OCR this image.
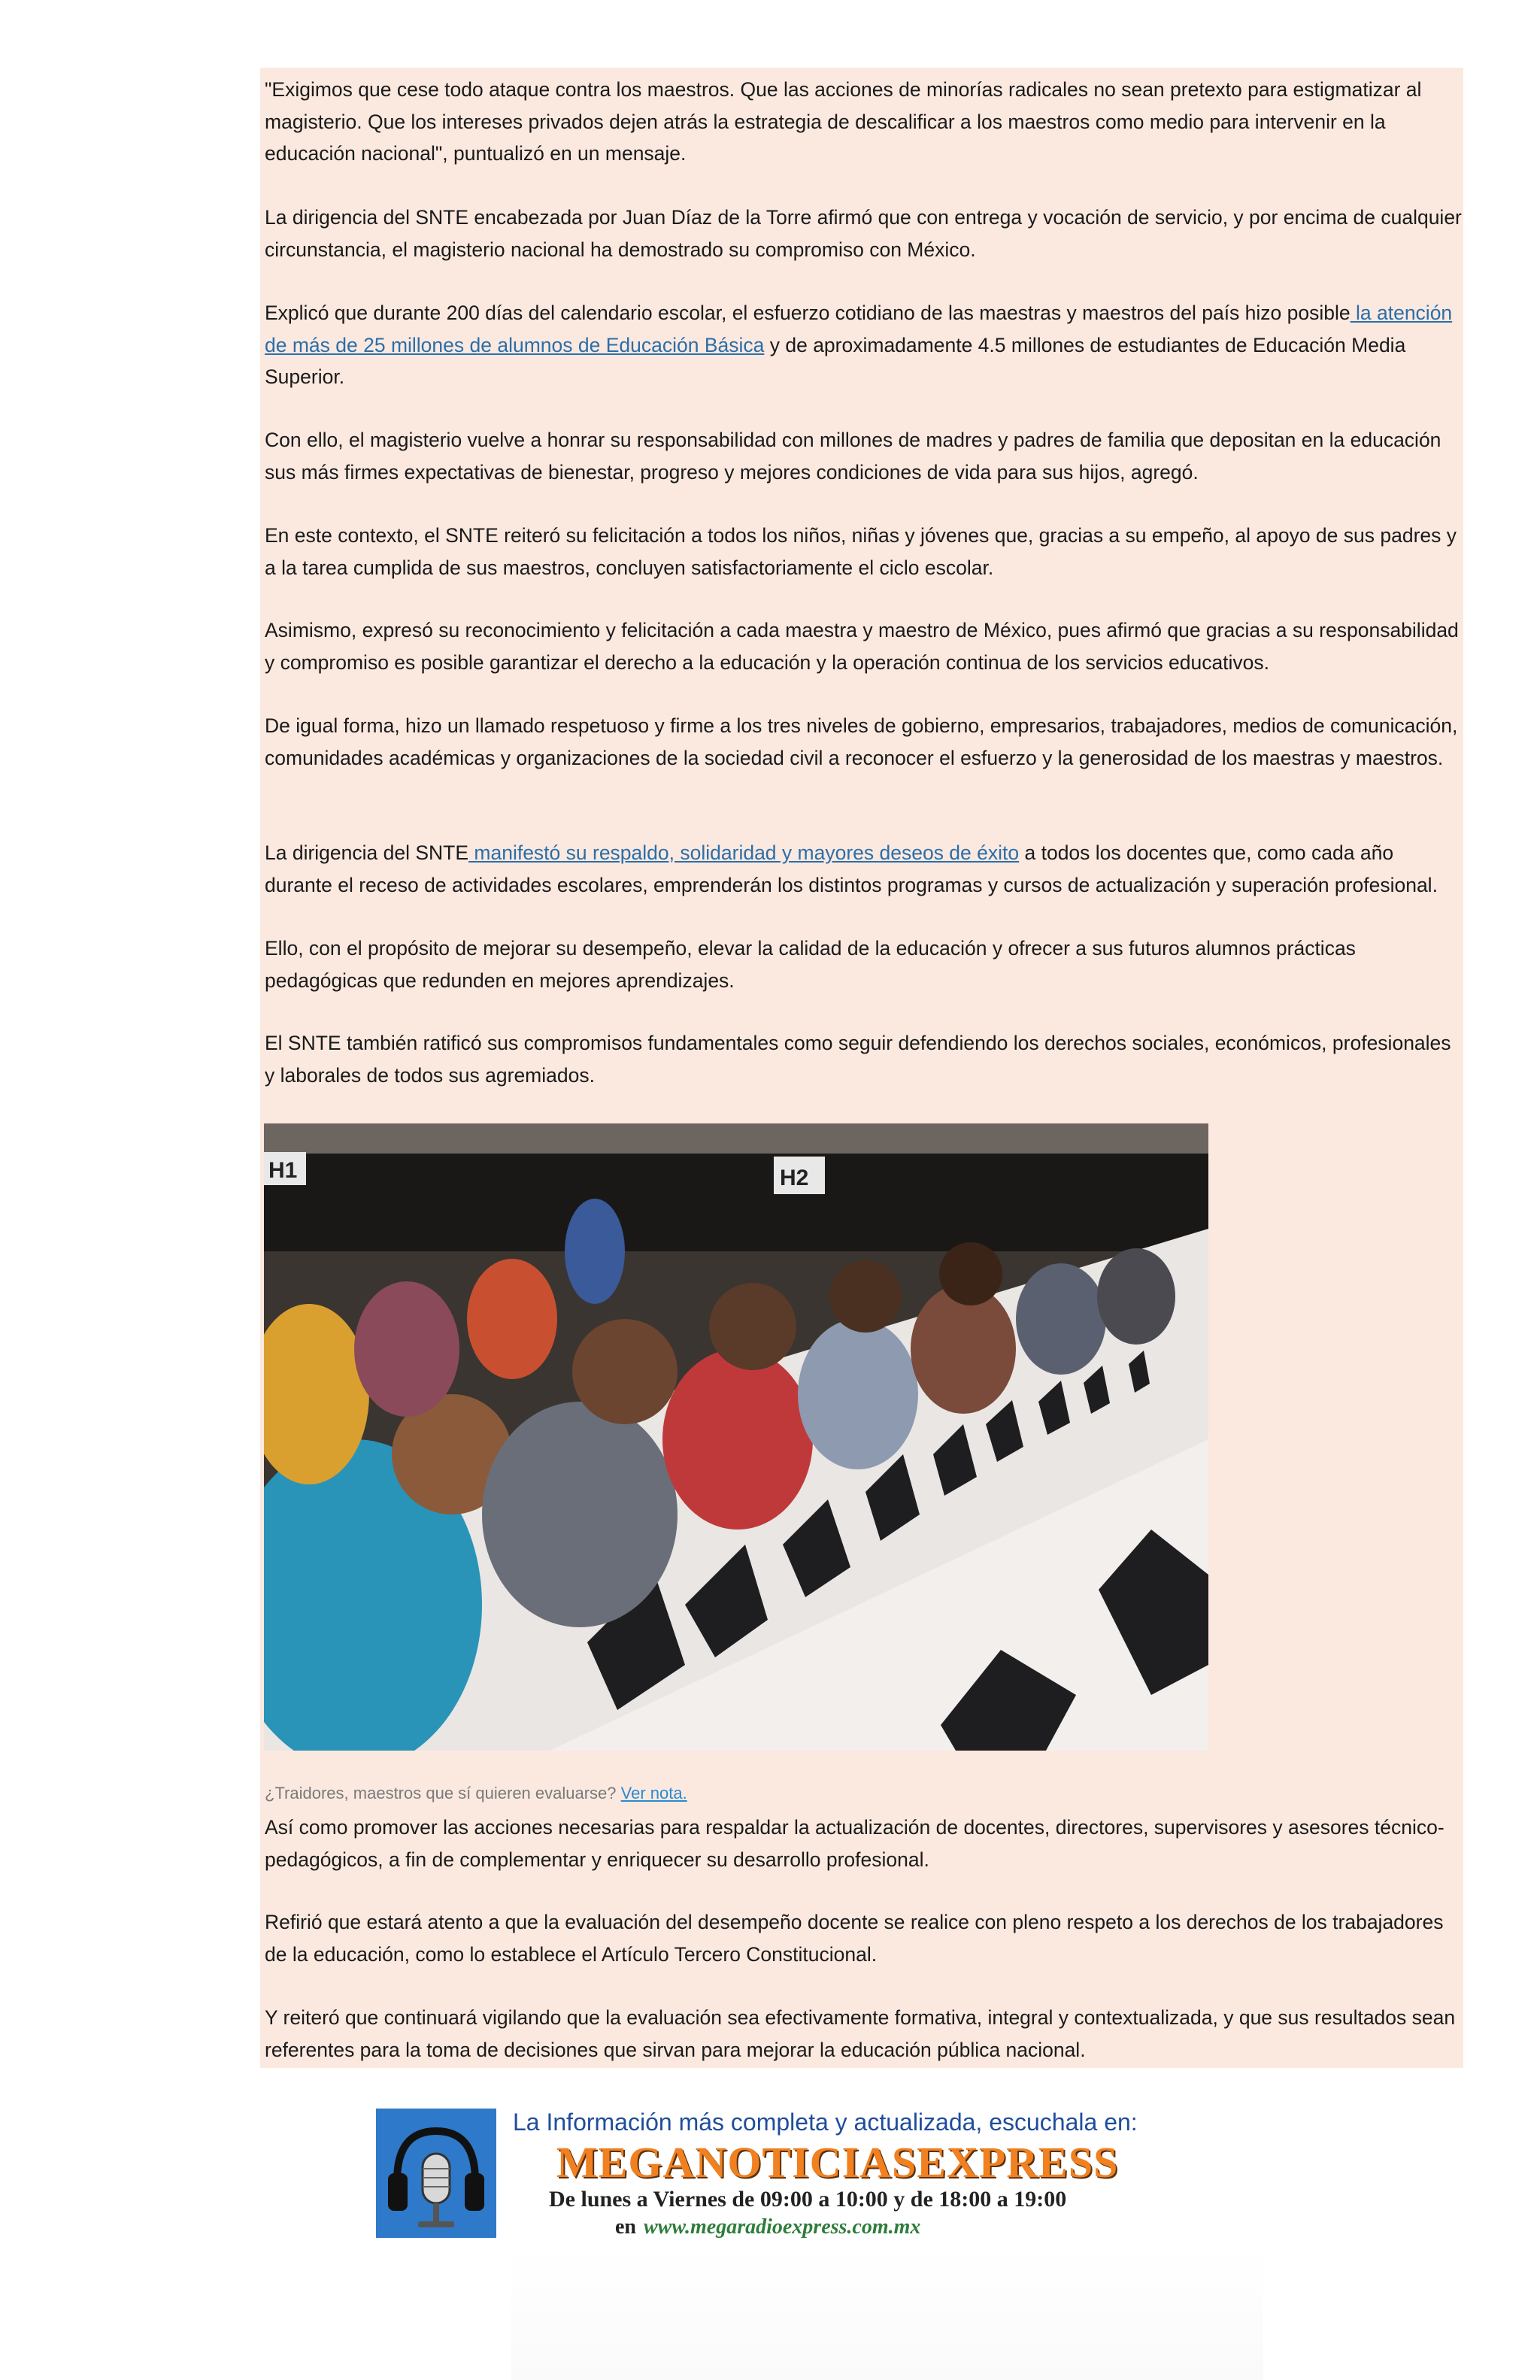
"Exigimos que cese todo ataque contra los maestros. Que las acciones de minorías radicales no sean pretexto para estigmatizar al magisterio. Que los intereses privados dejen atrás la estrategia de descalificar a los maestros como medio para intervenir en la educación nacional", puntualizó en un mensaje.

La dirigencia del SNTE encabezada por Juan Díaz de la Torre afirmó que con entrega y vocación de servicio, y por encima de cualquier circunstancia, el magisterio nacional ha demostrado su compromiso con México.

Explicó que durante 200 días del calendario escolar, el esfuerzo cotidiano de las maestras y maestros del país hizo posible la atención de más de 25 millones de alumnos de Educación Básica y de aproximadamente 4.5 millones de estudiantes de Educación Media Superior.

Con ello, el magisterio vuelve a honrar su responsabilidad con millones de madres y padres de familia que depositan en la educación sus más firmes expectativas de bienestar, progreso y mejores condiciones de vida para sus hijos, agregó.

En este contexto, el SNTE reiteró su felicitación a todos los niños, niñas y jóvenes que, gracias a su empeño, al apoyo de sus padres y a la tarea cumplida de sus maestros, concluyen satisfactoriamente el ciclo escolar.

Asimismo, expresó su reconocimiento y felicitación a cada maestra y maestro de México, pues afirmó que gracias a su responsabilidad y compromiso es posible garantizar el derecho a la educación y la operación continua de los servicios educativos.

De igual forma, hizo un llamado respetuoso y firme a los tres niveles de gobierno, empresarios, trabajadores, medios de comunicación, comunidades académicas y organizaciones de la sociedad civil a reconocer el esfuerzo y la generosidad de los maestras y maestros.

La dirigencia del SNTE manifestó su respaldo, solidaridad y mayores deseos de éxito a todos los docentes que, como cada año durante el receso de actividades escolares, emprenderán los distintos programas y cursos de actualización y superación profesional.

Ello, con el propósito de mejorar su desempeño, elevar la calidad de la educación y ofrecer a sus futuros alumnos prácticas pedagógicas que redunden en mejores aprendizajes.

El SNTE también ratificó sus compromisos fundamentales como seguir defendiendo los derechos sociales, económicos, profesionales y laborales de todos sus agremiados.

H1	H2

¿Traidores, maestros que sí quieren evaluarse? Ver nota.

Así como promover las acciones necesarias para respaldar la actualización de docentes, directores, supervisores y asesores técnico-pedagógicos, a fin de complementar y enriquecer su desarrollo profesional.

Refirió que estará atento a que la evaluación del desempeño docente se realice con pleno respeto a los derechos de los trabajadores de la educación, como lo establece el Artículo Tercero Constitucional.

Y reiteró que continuará vigilando que la evaluación sea efectivamente formativa, integral y contextualizada, y que sus resultados sean referentes para la toma de decisiones que sirvan para mejorar la educación pública nacional.

La Información más completa y actualizada, escuchala en:
MEGANOTICIASEXPRESS
De lunes a Viernes de 09:00 a 10:00 y de 18:00 a 19:00
en www.megaradioexpress.com.mx
